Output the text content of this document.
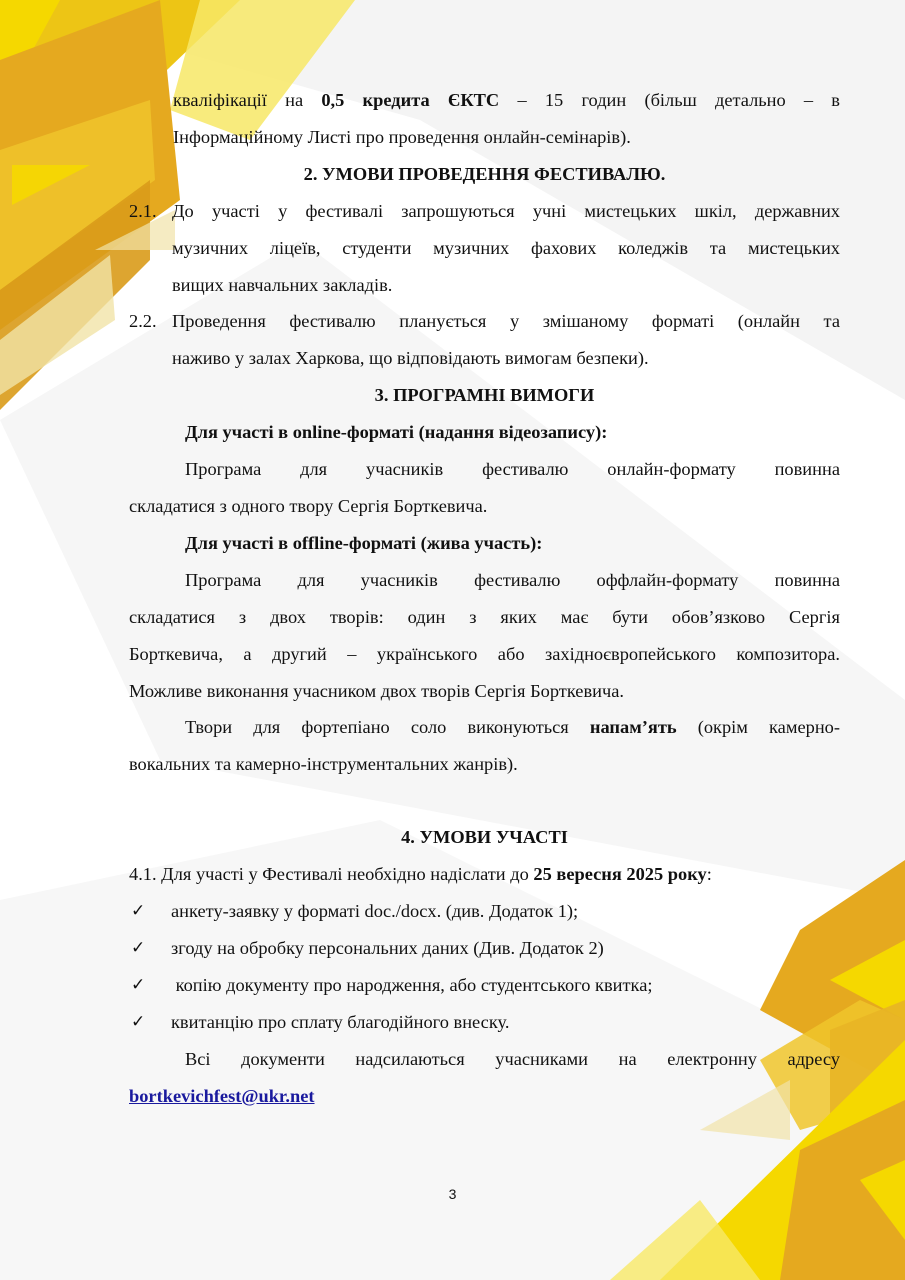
кваліфікації на 0,5 кредита ЄКТС – 15 годин (більш детально – в

Інформаційному Листі про проведення онлайн-семінарів).

2. УМОВИ ПРОВЕДЕННЯ ФЕСТИВАЛЮ.

2.1. До участі у фестивалі запрошуються учні мистецьких шкіл, державних

музичних ліцеїв, студенти музичних фахових коледжів та мистецьких

вищих навчальних закладів.

2.2. Проведення фестивалю планується у змішаному форматі (онлайн та

наживо у залах Харкова, що відповідають вимогам безпеки).

3. ПРОГРАМНІ ВИМОГИ

Для участі в online-форматі (надання відеозапису):

Програма для учасників фестивалю онлайн-формату повинна

складатися з одного твору Сергія Борткевича.

Для участі в offline-форматі (жива участь):

Програма для учасників фестивалю оффлайн-формату повинна

складатися з двох творів: один з яких має бути обов’язково Сергія

Борткевича, а другий – українського або західноєвропейського композитора.

Можливе виконання учасником двох творів Сергія Борткевича.

Твори для фортепіано соло виконуються напам’ять (окрім камерно-

вокальних та камерно-інструментальних жанрів).

4. УМОВИ УЧАСТІ

4.1. Для участі у Фестивалі необхідно надіслати до 25 вересня 2025 року:

✓ анкету-заявку у форматі doc./docx. (див. Додаток 1);

✓ згоду на обробку персональних даних (Див. Додаток 2)

✓ копію документу про народження, або студентського квитка;

✓ квитанцію про сплату благодійного внеску.

Всі документи надсилаються учасниками на електронну адресу

bortkevichfest@ukr.net

3
